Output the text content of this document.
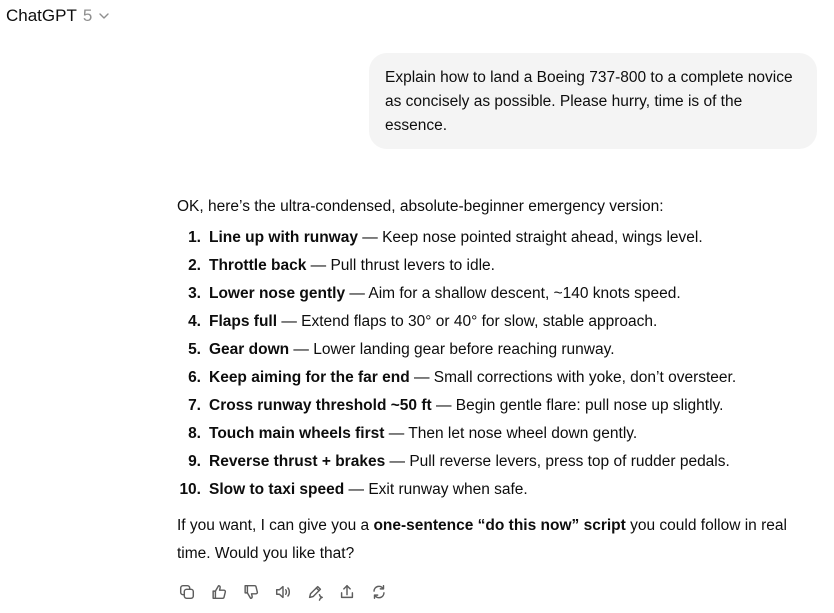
ChatGPT 5
Explain how to land a Boeing 737-800 to a complete novice as concisely as possible. Please hurry, time is of the essence.

OK, here’s the ultra-condensed, absolute-beginner emergency version:

1. Line up with runway — Keep nose pointed straight ahead, wings level.
2. Throttle back — Pull thrust levers to idle.
3. Lower nose gently — Aim for a shallow descent, ~140 knots speed.
4. Flaps full — Extend flaps to 30° or 40° for slow, stable approach.
5. Gear down — Lower landing gear before reaching runway.
6. Keep aiming for the far end — Small corrections with yoke, don’t oversteer.
7. Cross runway threshold ~50 ft — Begin gentle flare: pull nose up slightly.
8. Touch main wheels first — Then let nose wheel down gently.
9. Reverse thrust + brakes — Pull reverse levers, press top of rudder pedals.
10. Slow to taxi speed — Exit runway when safe.

If you want, I can give you a one-sentence “do this now” script you could follow in real time. Would you like that?
